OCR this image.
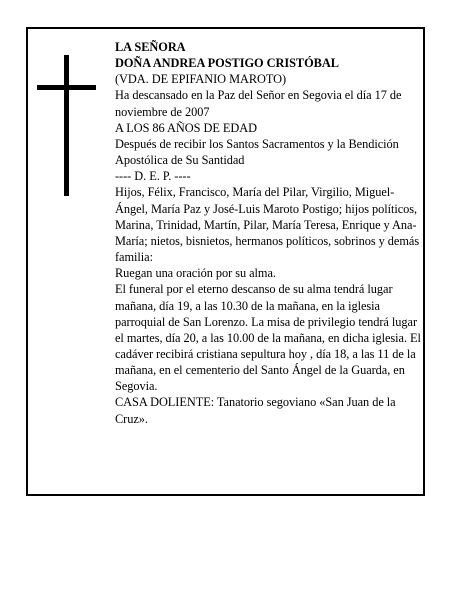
LA SEÑORA
DOÑA ANDREA POSTIGO CRISTÓBAL
(VDA. DE EPIFANIO MAROTO)
Ha descansado en la Paz del Señor en Segovia el día 17 de noviembre de 2007
A LOS 86 AÑOS DE EDAD
Después de recibir los Santos Sacramentos y la Bendición Apostólica de Su Santidad
---- D. E. P. ----
Hijos, Félix, Francisco, María del Pilar, Virgilio, Miguel-Ángel, María Paz y José-Luis Maroto Postigo; hijos políticos, Marina, Trinidad, Martín, Pilar, María Teresa, Enrique y Ana-María; nietos, bisnietos, hermanos políticos, sobrinos y demás familia:
Ruegan una oración por su alma.
El funeral por el eterno descanso de su alma tendrá lugar mañana, día 19, a las 10.30 de la mañana, en la iglesia parroquial de San Lorenzo. La misa de privilegio tendrá lugar el martes, día 20, a las 10.00 de la mañana, en dicha iglesia. El cadáver recibirá cristiana sepultura hoy , día 18, a las 11 de la mañana, en el cementerio del Santo Ángel de la Guarda, en Segovia.
CASA DOLIENTE: Tanatorio segoviano «San Juan de la Cruz».
